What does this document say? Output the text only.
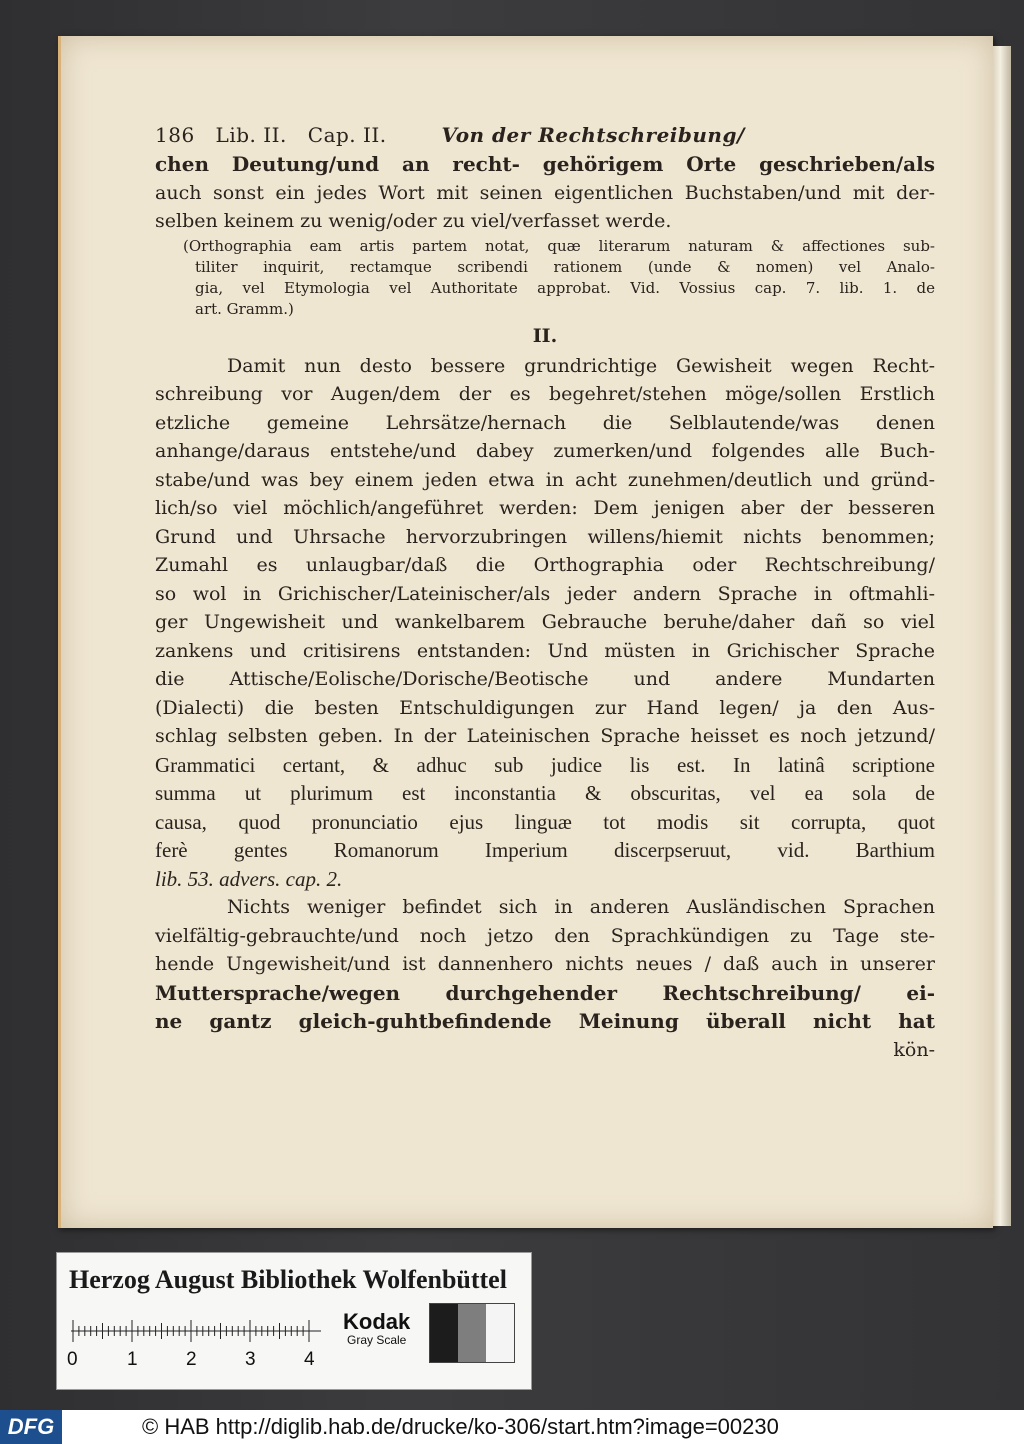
186 Lib. II. Cap. II.	Von der Rechtschreibung/
chen Deutung/und an recht- gehörigem Orte geschrieben/als
auch sonst ein jedes Wort mit seinen eigentlichen Buchstaben/und mit der-
selben keinem zu wenig/oder zu viel/verfasset werde.
(Orthographia eam artis partem notat, quæ literarum naturam & affectiones sub-
tiliter inquirit, rectamque scribendi rationem (unde & nomen) vel Analo-
gia, vel Etymologia vel Authoritate approbat. Vid. Vossius cap. 7. lib. 1. de
art. Gramm.)
II.
Damit nun desto bessere grundrichtige Gewisheit wegen Recht-
schreibung vor Augen/dem der es begehret/stehen möge/sollen Erstlich
etzliche gemeine Lehrsätze/hernach die Selblautende/was denen
anhange/daraus entstehe/und dabey zumerken/und folgendes alle Buch-
stabe/und was bey einem jeden etwa in acht zunehmen/deutlich und gründ-
lich/so viel möchlich/angeführet werden: Dem jenigen aber der besseren
Grund und Uhrsache hervorzubringen willens/hiemit nichts benommen;
Zumahl es unlaugbar/daß die Orthographia oder Rechtschreibung/
so wol in Grichischer/Lateinischer/als jeder andern Sprache in oftmahli-
ger Ungewisheit und wankelbarem Gebrauche beruhe/daher dañ so viel
zankens und critisirens entstanden: Und müsten in Grichischer Sprache
die Attische/Eolische/Dorische/Beotische und andere Mundarten
(Dialecti) die besten Entschuldigungen zur Hand legen/ ja den Aus-
schlag selbsten geben. In der Lateinischen Sprache heisset es noch jetzund/
Grammatici certant, & adhuc sub judice lis est. In latinâ scriptione
summa ut plurimum est inconstantia & obscuritas, vel ea sola de
causa, quod pronunciatio ejus linguæ tot modis sit corrupta, quot
ferè gentes Romanorum Imperium discerpseruut, vid. Barthium
lib. 53. advers. cap. 2.
Nichts weniger befindet sich in anderen Ausländischen Sprachen
vielfältig-gebrauchte/und noch jetzo den Sprachkündigen zu Tage ste-
hende Ungewisheit/und ist dannenhero nichts neues / daß auch in unserer
Muttersprache/wegen durchgehender Rechtschreibung/ ei-
ne gantz gleich-guhtbefindende Meinung überall nicht hat
kön-
Herzog August Bibliothek Wolfenbüttel
0	1	2	3	4
Kodak
Gray Scale
DFG	© HAB http://diglib.hab.de/drucke/ko-306/start.htm?image=00230
